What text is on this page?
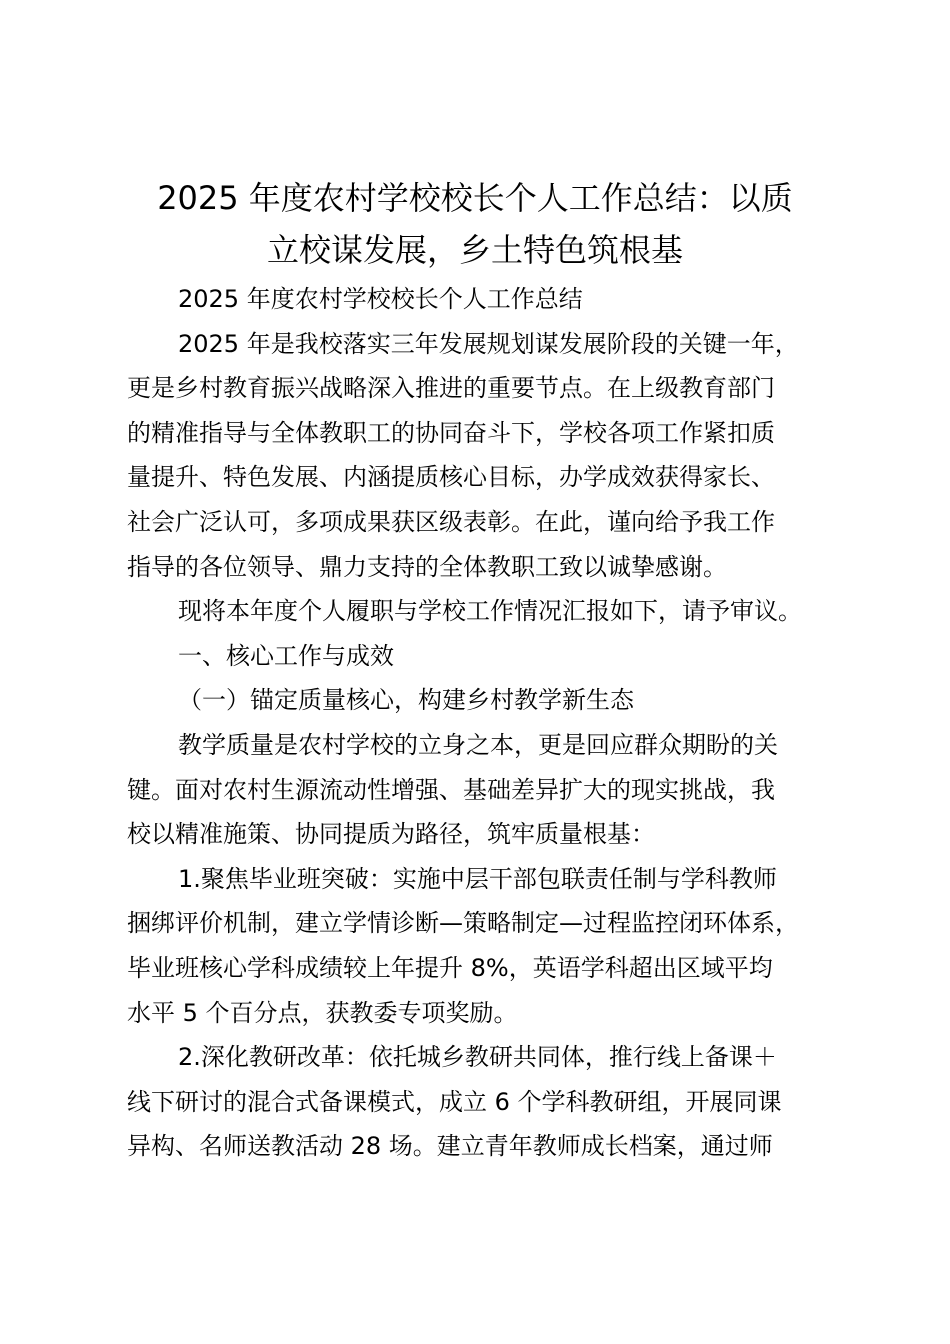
2025 年度农村学校校长个人工作总结：以质
立校谋发展，乡土特色筑根基
2025 年度农村学校校长个人工作总结
2025 年是我校落实三年发展规划谋发展阶段的关键一年，
更是乡村教育振兴战略深入推进的重要节点。在上级教育部门
的精准指导与全体教职工的协同奋斗下，学校各项工作紧扣质
量提升、特色发展、内涵提质核心目标，办学成效获得家长、
社会广泛认可，多项成果获区级表彰。在此，谨向给予我工作
指导的各位领导、鼎力支持的全体教职工致以诚挚感谢。
现将本年度个人履职与学校工作情况汇报如下，请予审议。
一、核心工作与成效
（一）锚定质量核心，构建乡村教学新生态
教学质量是农村学校的立身之本，更是回应群众期盼的关
键。面对农村生源流动性增强、基础差异扩大的现实挑战，我
校以精准施策、协同提质为路径，筑牢质量根基：
1.聚焦毕业班突破：实施中层干部包联责任制与学科教师
捆绑评价机制，建立学情诊断—策略制定—过程监控闭环体系，
毕业班核心学科成绩较上年提升 8%，英语学科超出区域平均
水平 5 个百分点，获教委专项奖励。
2.深化教研改革：依托城乡教研共同体，推行线上备课＋
线下研讨的混合式备课模式，成立 6 个学科教研组，开展同课
异构、名师送教活动 28 场。建立青年教师成长档案，通过师
